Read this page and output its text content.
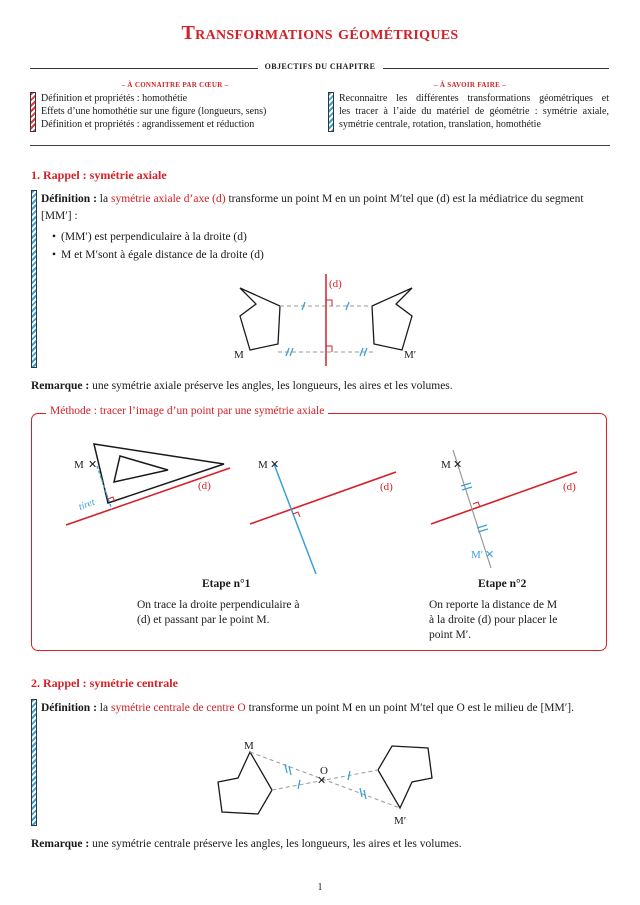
Transformations géométriques
OBJECTIFS DU CHAPITRE
– À CONNAITRE PAR CŒUR –	– À SAVOIR FAIRE –
Définition et propriétés : homothétie
Effets d’une homothétie sur une figure (longueurs, sens)
Définition et propriétés : agrandissement et réduction
Reconnaitre les différentes transformations géométriques et
les tracer à l’aide du matériel de géométrie : symétrie axiale,
symétrie centrale, rotation, translation, homothétie
1. Rappel : symétrie axiale
Définition : la symétrie axiale d’axe (d) transforme un point M en un point M′tel que (d) est la médiatrice du segment [MM′] :
• (MM′) est perpendiculaire à la droite (d)
• M et M′sont à égale distance de la droite (d)
(d)
M	M′
Remarque : une symétrie axiale préserve les angles, les longueurs, les aires et les volumes.
Méthode : tracer l’image d’un point par une symétrie axiale
M ✕
(d)
tiret
M ✕
(d)
M ✕
M′ ✕
(d)
Etape n°1
On trace la droite perpendiculaire à
(d) et passant par le point M.
Etape n°2
On reporte la distance de M
à la droite (d) pour placer le
point M′.
2. Rappel : symétrie centrale
Définition : la symétrie centrale de centre O transforme un point M en un point M′tel que O est le milieu de [MM′].
✕
O
M
M′
Remarque : une symétrie centrale préserve les angles, les longueurs, les aires et les volumes.
1
